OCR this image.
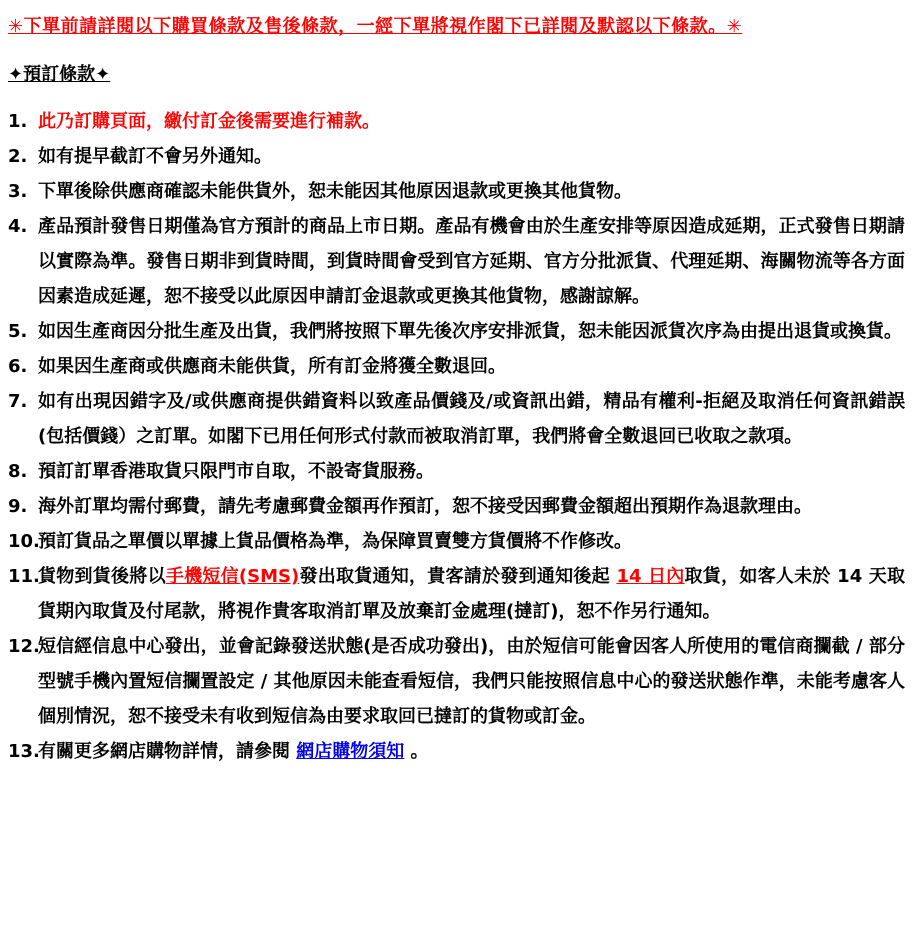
✳下單前請詳閱以下購買條款及售後條款，一經下單將視作閣下已詳閱及默認以下條款。✳
✦預訂條款✦
1. 此乃訂購頁面，繳付訂金後需要進行補款。
2. 如有提早截訂不會另外通知。
3. 下單後除供應商確認未能供貨外，恕未能因其他原因退款或更換其他貨物。
4. 產品預計發售日期僅為官方預計的商品上市日期。產品有機會由於生產安排等原因造成延期，正式發售日期請以實際為準。發售日期非到貨時間，到貨時間會受到官方延期、官方分批派貨、代理延期、海關物流等各方面因素造成延遲，恕不接受以此原因申請訂金退款或更換其他貨物，感謝諒解。
5. 如因生產商因分批生產及出貨，我們將按照下單先後次序安排派貨，恕未能因派貨次序為由提出退貨或換貨。
6. 如果因生產商或供應商未能供貨，所有訂金將獲全數退回。
7. 如有出現因錯字及/或供應商提供錯資料以致產品價錢及/或資訊出錯，精品有權利-拒絕及取消任何資訊錯誤(包括價錢）之訂單。如閣下已用任何形式付款而被取消訂單，我們將會全數退回已收取之款項。
8. 預訂訂單香港取貨只限門市自取，不設寄貨服務。
9. 海外訂單均需付郵費，請先考慮郵費金額再作預訂，恕不接受因郵費金額超出預期作為退款理由。
10.
預訂貨品之單價以單據上貨品價格為準，為保障買賣雙方貨價將不作修改。
11.
貨物到貨後將以手機短信(SMS)發出取貨通知，貴客請於發到通知後起 14 日內取貨，如客人未於 14 天取貨期內取貨及付尾款，將視作貴客取消訂單及放棄訂金處理(撻訂)，恕不作另行通知。
12.
短信經信息中心發出，並會記錄發送狀態(是否成功發出)，由於短信可能會因客人所使用的電信商攔截 / 部分型號手機內置短信攔置設定 / 其他原因未能查看短信，我們只能按照信息中心的發送狀態作準，未能考慮客人個別情況，恕不接受未有收到短信為由要求取回已撻訂的貨物或訂金。
13.
有關更多網店購物詳情，請參閱 網店購物須知 。
